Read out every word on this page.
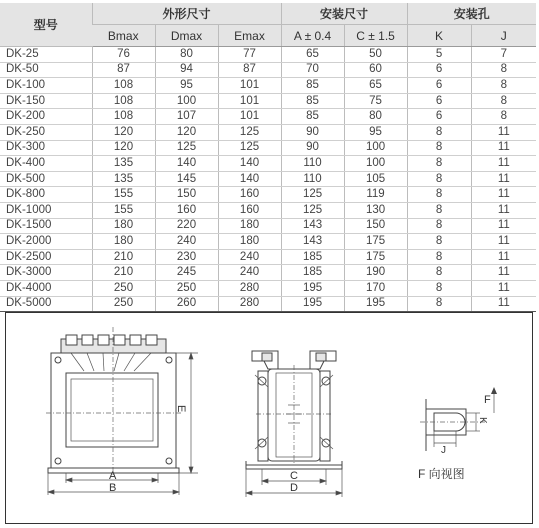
型号	外形尺寸			安装尺寸		安装孔	
	Bmax	Dmax	Emax	A ± 0.4	C ± 1.5	K	J
DK-25	76	80	77	65	50	5	7
DK-50	87	94	87	70	60	6	8
DK-100	108	95	101	85	65	6	8
DK-150	108	100	101	85	75	6	8
DK-200	108	107	101	85	80	6	8
DK-250	120	120	125	90	95	8	11
DK-300	120	125	125	90	100	8	11
DK-400	135	140	140	110	100	8	11
DK-500	135	145	140	110	105	8	11
DK-800	155	150	160	125	119	8	11
DK-1000	155	160	160	125	130	8	11
DK-1500	180	220	180	143	150	8	11
DK-2000	180	240	180	143	175	8	11
DK-2500	210	230	240	185	175	8	11
DK-3000	210	245	240	185	190	8	11
DK-4000	250	250	280	195	170	8	11
DK-5000	250	260	280	195	195	8	11
A
B
E
C
D
F
K
J
F 向视图
